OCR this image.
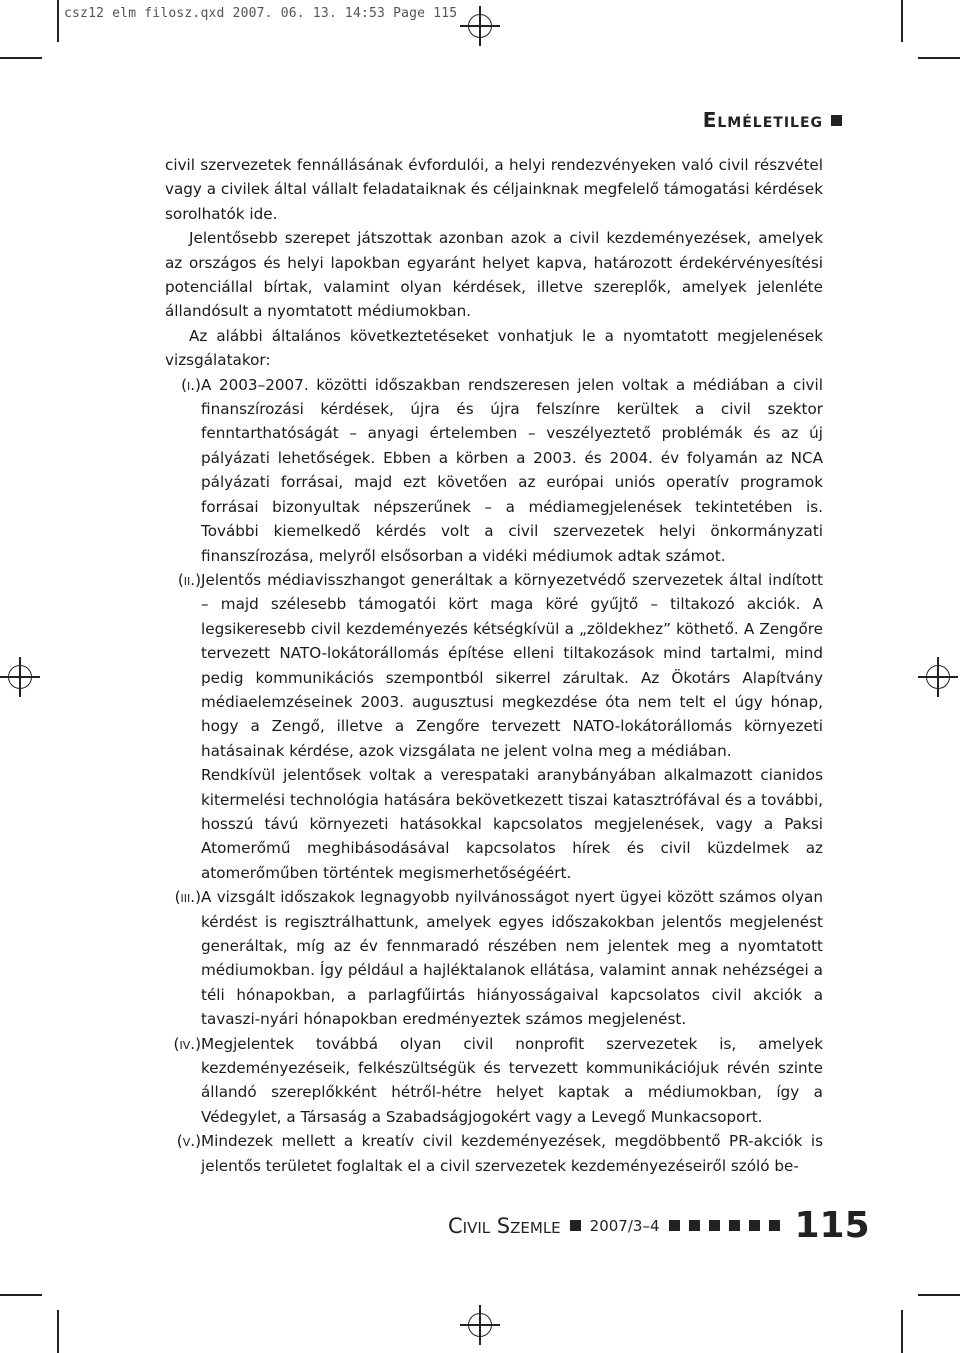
csz12 elm filosz.qxd 2007. 06. 13. 14:53 Page 115
Elméletileg

civil szervezetek fennállásának évfordulói, a helyi rendezvényeken való civil részvétel vagy a civilek által vállalt feladataiknak és céljainknak megfelelő támogatási kérdések sorolhatók ide.

Jelentősebb szerepet játszottak azonban azok a civil kezdeményezések, amelyek az országos és helyi lapokban egyaránt helyet kapva, határozott érdekérvényesítési potenciállal bírtak, valamint olyan kérdések, illetve szereplők, amelyek jelenléte állandósult a nyomtatott médiumokban.

Az alábbi általános következtetéseket vonhatjuk le a nyomtatott megjelenések vizsgálatakor:

(i.) A 2003–2007. közötti időszakban rendszeresen jelen voltak a médiában a civil finanszírozási kérdések, újra és újra felszínre kerültek a civil szektor fenntarthatóságát – anyagi értelemben – veszélyeztető problémák és az új pályázati lehetőségek. Ebben a körben a 2003. és 2004. év folyamán az NCA pályázati forrásai, majd ezt követően az európai uniós operatív programok forrásai bizonyultak népszerűnek – a médiamegjelenések tekintetében is. További kiemelkedő kérdés volt a civil szervezetek helyi önkormányzati finanszírozása, melyről elsősorban a vidéki médiumok adtak számot.

(ii.) Jelentős médiavisszhangot generáltak a környezetvédő szervezetek által indított – majd szélesebb támogatói kört maga köré gyűjtő – tiltakozó akciók. A legsikeresebb civil kezdeményezés kétségkívül a „zöldekhez” köthető. A Zengőre tervezett NATO-lokátorállomás építése elleni tiltakozások mind tartalmi, mind pedig kommunikációs szempontból sikerrel zárultak. Az Ökotárs Alapítvány médiaelemzéseinek 2003. augusztusi megkezdése óta nem telt el úgy hónap, hogy a Zengő, illetve a Zengőre tervezett NATO-lokátorállomás környezeti hatásainak kérdése, azok vizsgálata ne jelent volna meg a médiában.

Rendkívül jelentősek voltak a verespataki aranybányában alkalmazott cianidos kitermelési technológia hatására bekövetkezett tiszai katasztrófával és a további, hosszú távú környezeti hatásokkal kapcsolatos megjelenések, vagy a Paksi Atomerőmű meghibásodásával kapcsolatos hírek és civil küzdelmek az atomerőműben történtek megismerhetőségéért.

(iii.) A vizsgált időszakok legnagyobb nyilvánosságot nyert ügyei között számos olyan kérdést is regisztrálhattunk, amelyek egyes időszakokban jelentős megjelenést generáltak, míg az év fennmaradó részében nem jelentek meg a nyomtatott médiumokban. Így például a hajléktalanok ellátása, valamint annak nehézségei a téli hónapokban, a parlagfűirtás hiányosságaival kapcsolatos civil akciók a tavaszi-nyári hónapokban eredményeztek számos megjelenést.

(iv.) Megjelentek továbbá olyan civil nonprofit szervezetek is, amelyek kezdeményezéseik, felkészültségük és tervezett kommunikációjuk révén szinte állandó szereplőkként hétről-hétre helyet kaptak a médiumokban, így a Védegylet, a Társaság a Szabadságjogokért vagy a Levegő Munkacsoport.

(v.) Mindezek mellett a kreatív civil kezdeményezések, megdöbbentő PR-akciók is jelentős területet foglaltak el a civil szervezetek kezdeményezéseiről szóló be-

Civil Szemle 2007/3–4	115
